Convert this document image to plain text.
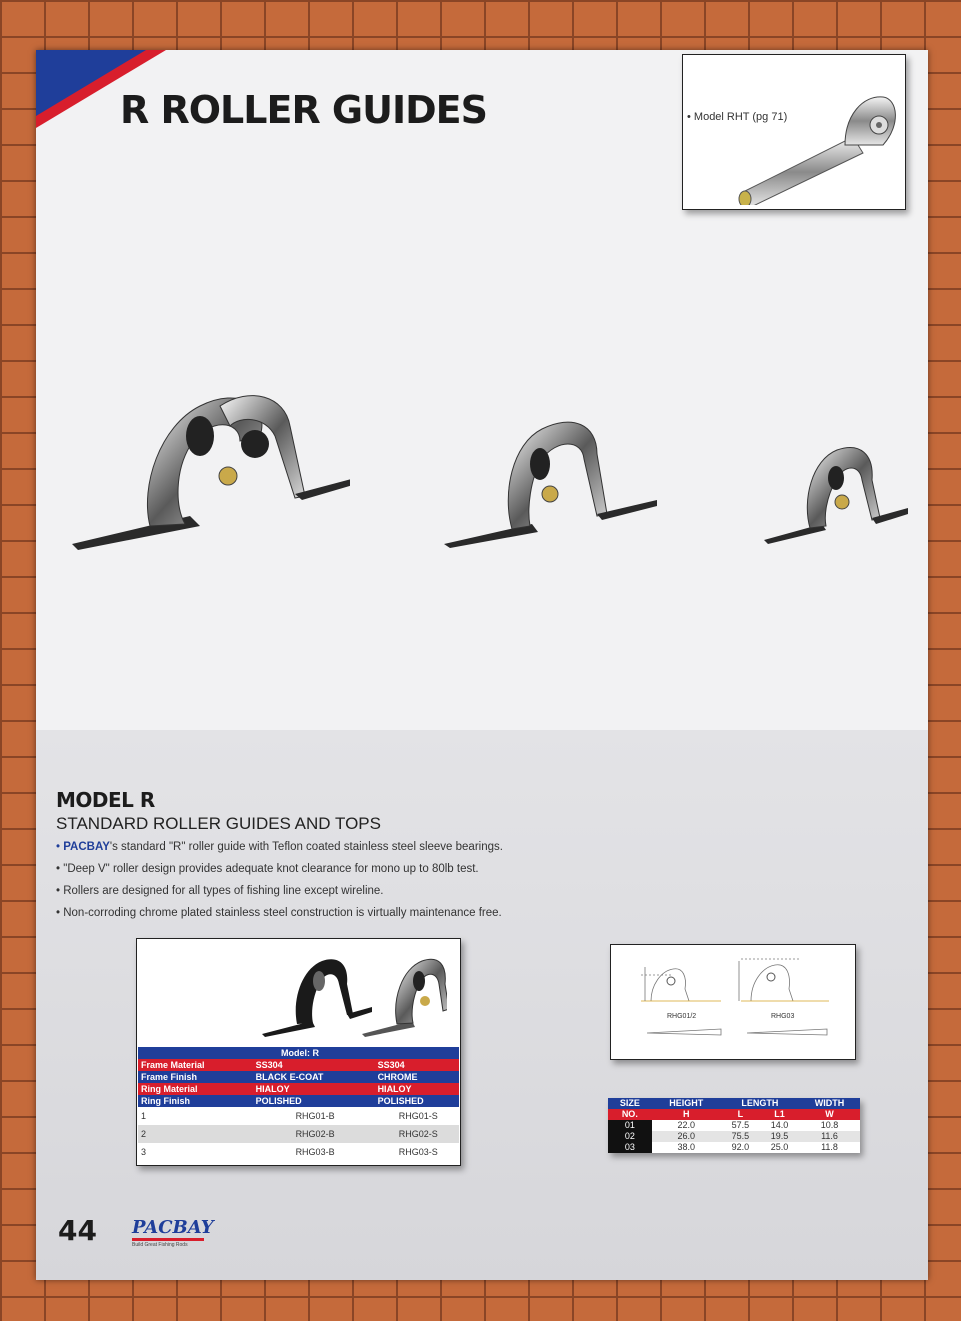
R ROLLER GUIDES	• Model RHT (pg 71)
MODEL R
STANDARD ROLLER GUIDES AND TOPS
• PACBAY's standard "R" roller guide with Teflon coated stainless steel sleeve bearings.
• "Deep V" roller design provides adequate knot clearance for mono up to 80lb test.
• Rollers are designed for all types of fishing line except wireline.
• Non-corroding chrome plated stainless steel construction is virtually maintenance free.
Model: R		
Frame Material	SS304	SS304
Frame Finish	BLACK E-COAT	CHROME
Ring Material	HIALOY	HIALOY
Ring Finish	POLISHED	POLISHED
1	RHG01-B	RHG01-S
2	RHG02-B	RHG02-S
3	RHG03-B	RHG03-S
RHG01/2	RHG03
SIZE	HEIGHT	LENGTH		WIDTH
NO.	H	L	L1	W
01	22.0	57.5	14.0	10.8
02	26.0	75.5	19.5	11.6
03	38.0	92.0	25.0	11.8
44 PACBAY
Build Great Fishing Rods
